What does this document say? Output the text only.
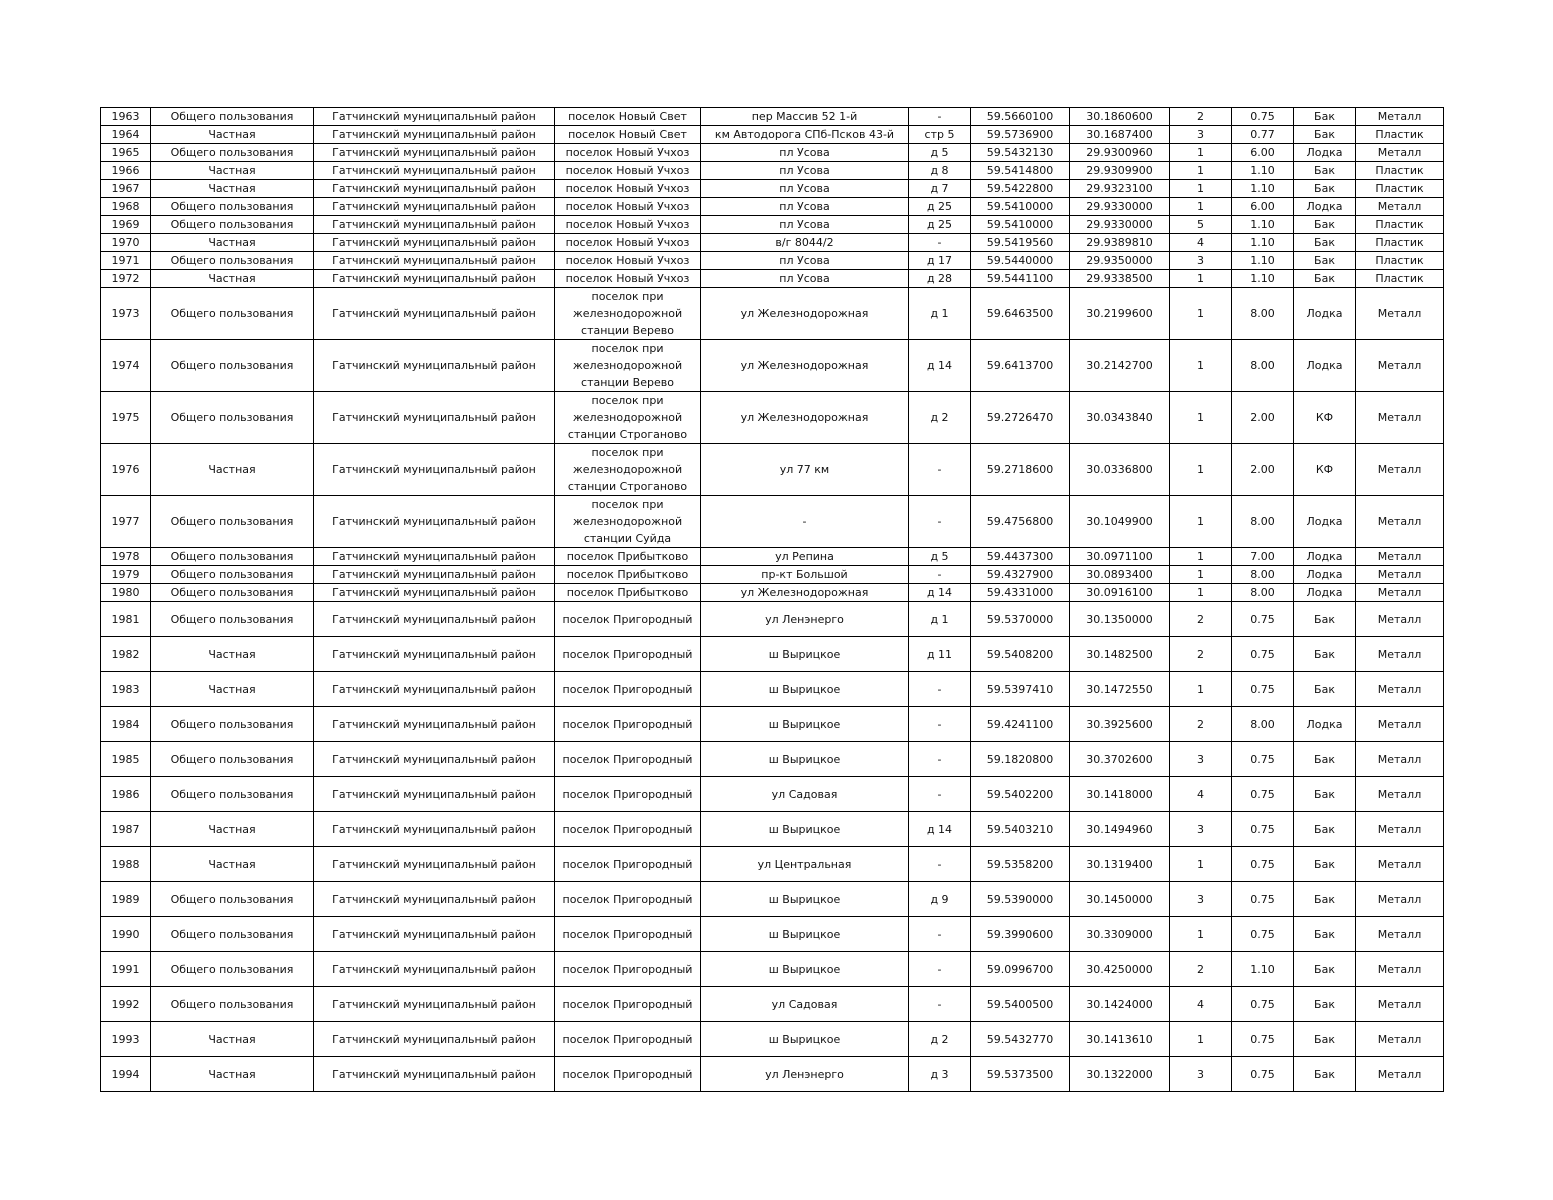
1963	Общего пользования	Гатчинский муниципальный район	поселок Новый Свет	пер Массив 52 1-й	-	59.5660100	30.1860600	2	0.75	Бак	Металл
1964	Частная	Гатчинский муниципальный район	поселок Новый Свет	км Автодорога СПб-Псков 43-й	стр 5	59.5736900	30.1687400	3	0.77	Бак	Пластик
1965	Общего пользования	Гатчинский муниципальный район	поселок Новый Учхоз	пл Усова	д 5	59.5432130	29.9300960	1	6.00	Лодка	Металл
1966	Частная	Гатчинский муниципальный район	поселок Новый Учхоз	пл Усова	д 8	59.5414800	29.9309900	1	1.10	Бак	Пластик
1967	Частная	Гатчинский муниципальный район	поселок Новый Учхоз	пл Усова	д 7	59.5422800	29.9323100	1	1.10	Бак	Пластик
1968	Общего пользования	Гатчинский муниципальный район	поселок Новый Учхоз	пл Усова	д 25	59.5410000	29.9330000	1	6.00	Лодка	Металл
1969	Общего пользования	Гатчинский муниципальный район	поселок Новый Учхоз	пл Усова	д 25	59.5410000	29.9330000	5	1.10	Бак	Пластик
1970	Частная	Гатчинский муниципальный район	поселок Новый Учхоз	в/г 8044/2	-	59.5419560	29.9389810	4	1.10	Бак	Пластик
1971	Общего пользования	Гатчинский муниципальный район	поселок Новый Учхоз	пл Усова	д 17	59.5440000	29.9350000	3	1.10	Бак	Пластик
1972	Частная	Гатчинский муниципальный район	поселок Новый Учхоз	пл Усова	д 28	59.5441100	29.9338500	1	1.10	Бак	Пластик
1973	Общего пользования	Гатчинский муниципальный район	поселок при железнодорожной станции Верево	ул Железнодорожная	д 1	59.6463500	30.2199600	1	8.00	Лодка	Металл
1974	Общего пользования	Гатчинский муниципальный район	поселок при железнодорожной станции Верево	ул Железнодорожная	д 14	59.6413700	30.2142700	1	8.00	Лодка	Металл
1975	Общего пользования	Гатчинский муниципальный район	поселок при железнодорожной станции Строганово	ул Железнодорожная	д 2	59.2726470	30.0343840	1	2.00	КФ	Металл
1976	Частная	Гатчинский муниципальный район	поселок при железнодорожной станции Строганово	ул 77 км	-	59.2718600	30.0336800	1	2.00	КФ	Металл
1977	Общего пользования	Гатчинский муниципальный район	поселок при железнодорожной станции Суйда	-	-	59.4756800	30.1049900	1	8.00	Лодка	Металл
1978	Общего пользования	Гатчинский муниципальный район	поселок Прибытково	ул Репина	д 5	59.4437300	30.0971100	1	7.00	Лодка	Металл
1979	Общего пользования	Гатчинский муниципальный район	поселок Прибытково	пр-кт Большой	-	59.4327900	30.0893400	1	8.00	Лодка	Металл
1980	Общего пользования	Гатчинский муниципальный район	поселок Прибытково	ул Железнодорожная	д 14	59.4331000	30.0916100	1	8.00	Лодка	Металл
1981	Общего пользования	Гатчинский муниципальный район	поселок Пригородный	ул Ленэнерго	д 1	59.5370000	30.1350000	2	0.75	Бак	Металл
1982	Частная	Гатчинский муниципальный район	поселок Пригородный	ш Вырицкое	д 11	59.5408200	30.1482500	2	0.75	Бак	Металл
1983	Частная	Гатчинский муниципальный район	поселок Пригородный	ш Вырицкое	-	59.5397410	30.1472550	1	0.75	Бак	Металл
1984	Общего пользования	Гатчинский муниципальный район	поселок Пригородный	ш Вырицкое	-	59.4241100	30.3925600	2	8.00	Лодка	Металл
1985	Общего пользования	Гатчинский муниципальный район	поселок Пригородный	ш Вырицкое	-	59.1820800	30.3702600	3	0.75	Бак	Металл
1986	Общего пользования	Гатчинский муниципальный район	поселок Пригородный	ул Садовая	-	59.5402200	30.1418000	4	0.75	Бак	Металл
1987	Частная	Гатчинский муниципальный район	поселок Пригородный	ш Вырицкое	д 14	59.5403210	30.1494960	3	0.75	Бак	Металл
1988	Частная	Гатчинский муниципальный район	поселок Пригородный	ул Центральная	-	59.5358200	30.1319400	1	0.75	Бак	Металл
1989	Общего пользования	Гатчинский муниципальный район	поселок Пригородный	ш Вырицкое	д 9	59.5390000	30.1450000	3	0.75	Бак	Металл
1990	Общего пользования	Гатчинский муниципальный район	поселок Пригородный	ш Вырицкое	-	59.3990600	30.3309000	1	0.75	Бак	Металл
1991	Общего пользования	Гатчинский муниципальный район	поселок Пригородный	ш Вырицкое	-	59.0996700	30.4250000	2	1.10	Бак	Металл
1992	Общего пользования	Гатчинский муниципальный район	поселок Пригородный	ул Садовая	-	59.5400500	30.1424000	4	0.75	Бак	Металл
1993	Частная	Гатчинский муниципальный район	поселок Пригородный	ш Вырицкое	д 2	59.5432770	30.1413610	1	0.75	Бак	Металл
1994	Частная	Гатчинский муниципальный район	поселок Пригородный	ул Ленэнерго	д 3	59.5373500	30.1322000	3	0.75	Бак	Металл
